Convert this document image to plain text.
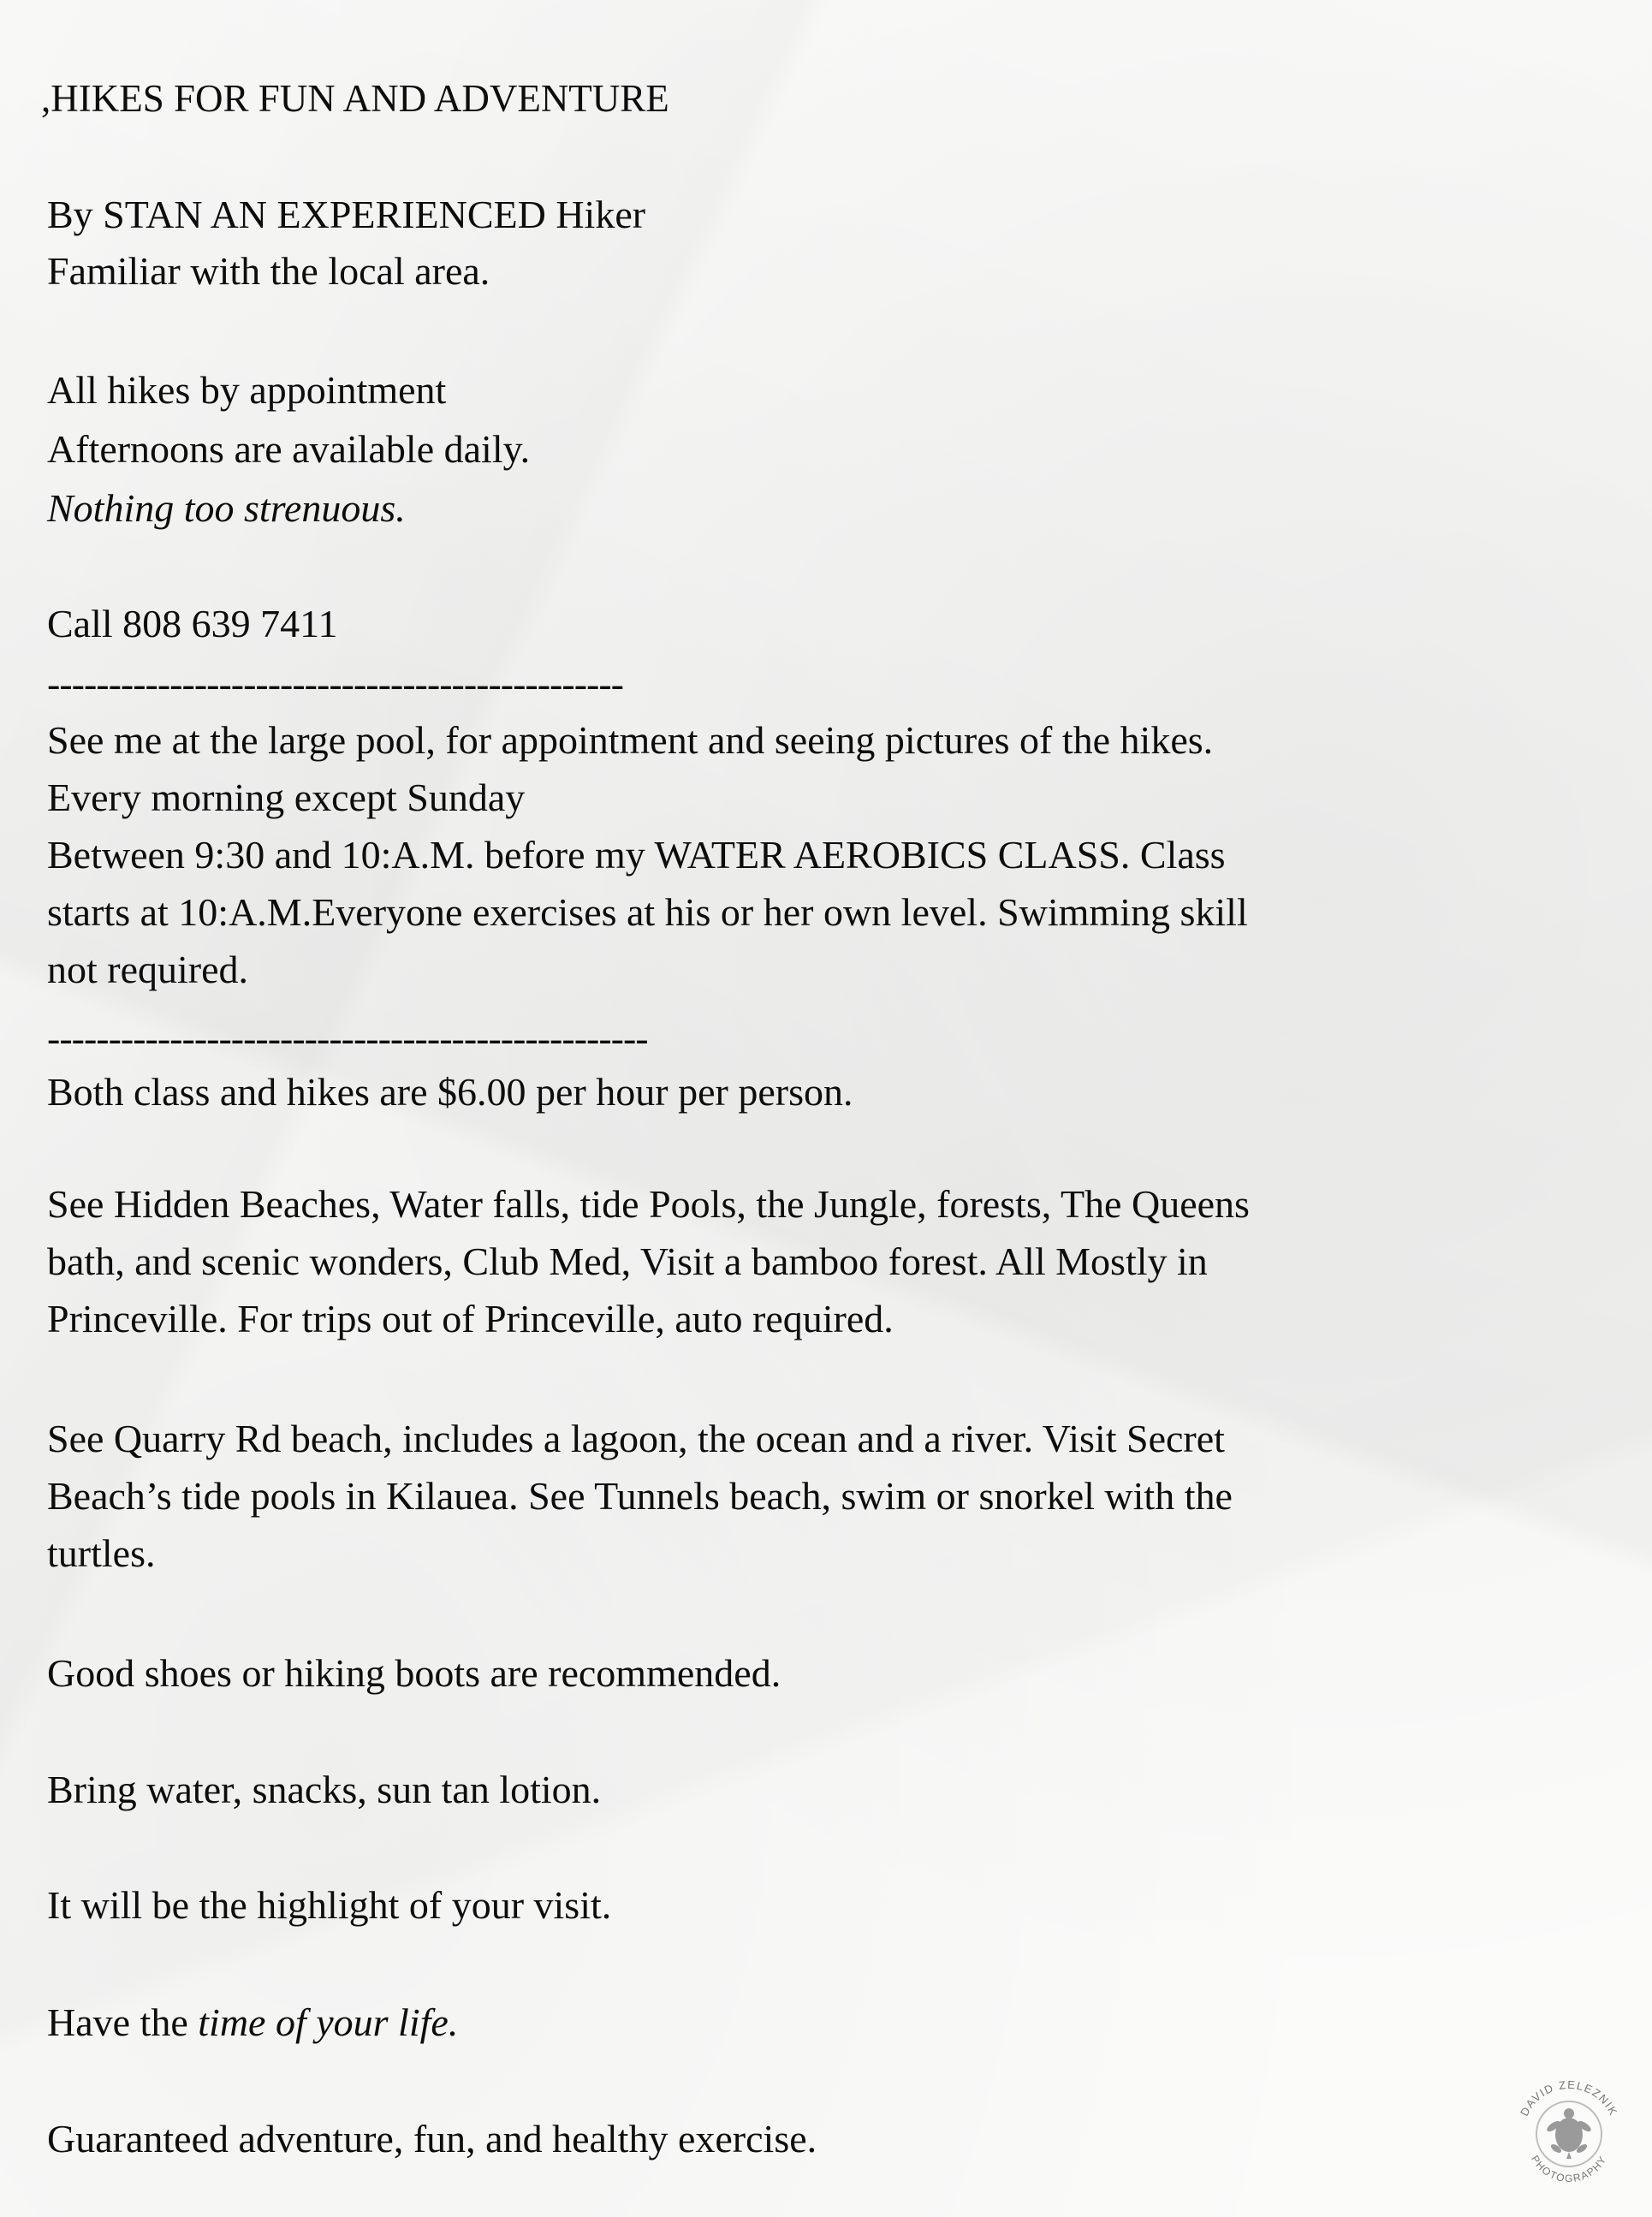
,HIKES FOR FUN AND ADVENTURE

By STAN AN EXPERIENCED Hiker

Familiar with the local area.

All hikes by appointment

Afternoons are available daily.

Nothing too strenuous.

Call 808 639 7411

-----------------------------------------------

See me at the large pool, for appointment and seeing pictures of the hikes.

Every morning except Sunday

Between 9:30 and 10:A.M. before my WATER AEROBICS CLASS. Class

starts at 10:A.M.Everyone exercises at his or her own level. Swimming skill

not required.

-------------------------------------------------

Both class and hikes are $6.00 per hour per person.

See Hidden Beaches, Water falls, tide Pools, the Jungle, forests, The Queens

bath, and scenic wonders, Club Med, Visit a bamboo forest. All Mostly in

Princeville. For trips out of Princeville, auto required.

See Quarry Rd beach, includes a lagoon, the ocean and a river. Visit Secret

Beach’s tide pools in Kilauea. See Tunnels beach, swim or snorkel with the

turtles.

Good shoes or hiking boots are recommended.

Bring water, snacks, sun tan lotion.

It will be the highlight of your visit.

Have the time of your life.

Guaranteed adventure, fun, and healthy exercise.

DAVID ZELEZNIK
PHOTOGRAPHY
